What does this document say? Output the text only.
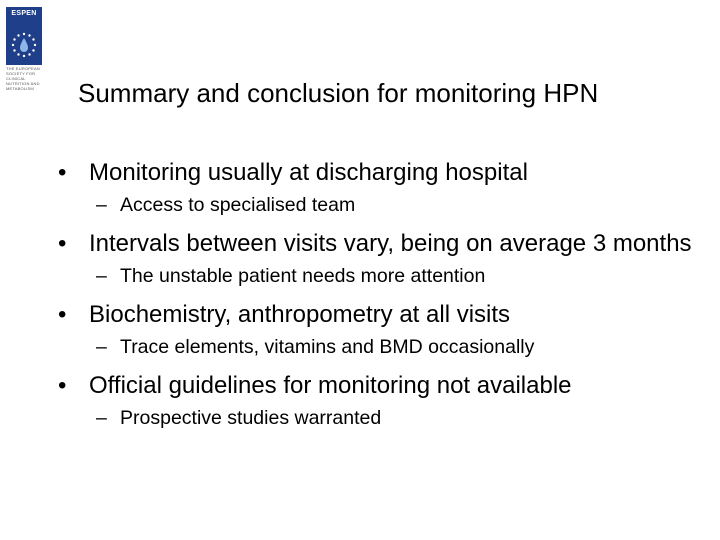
ESPEN
THE EUROPEAN SOCIETY FOR CLINICAL NUTRITION AND METABOLISM	Summary and conclusion for monitoring HPN
• Monitoring usually at discharging hospital
– Access to specialised team
• Intervals between visits vary, being on average 3 months
– The unstable patient needs more attention
• Biochemistry, anthropometry at all visits
– Trace elements, vitamins and BMD occasionally
• Official guidelines for monitoring not available
– Prospective studies warranted
